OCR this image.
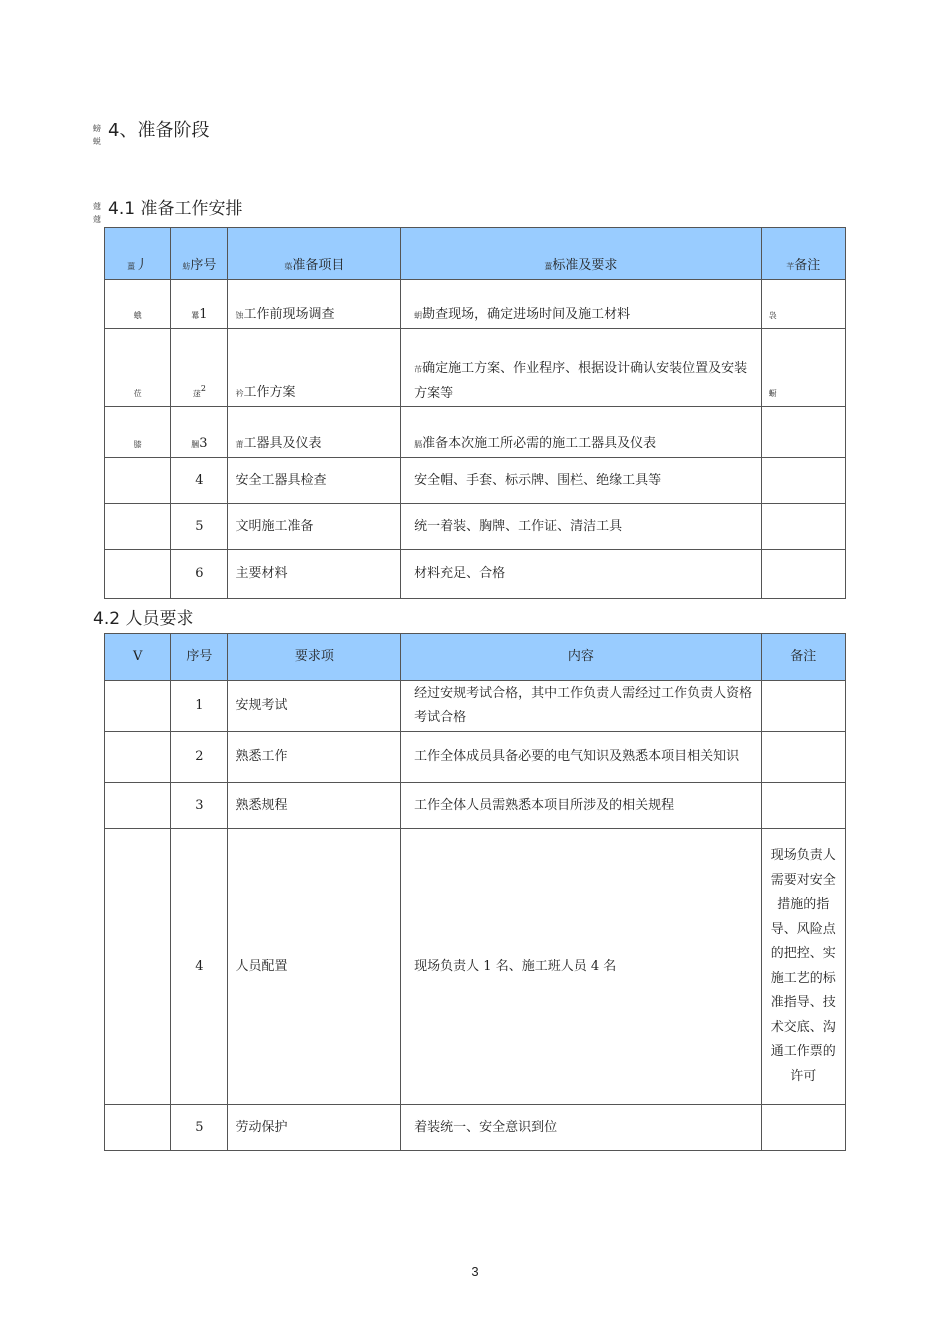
螃
蜕
4、准备阶段
蔻
蔻
4.1 准备工作安排
薑丿	蚄序号	蒅准备项目	薑标准及要求	芊备注
蛾	羃1	蚀工作前现场调查	蚏勘查现场，确定进场时间及施工材料	袅
莅	蒁$^2$	衿工作方案	芇确定施工方案、作业程序、根据设计确认安装位置及安装方案等	蟵
膝	膕3	莆工器具及仪表	膈准备本次施工所必需的施工工器具及仪表	
	4	安全工器具检查	安全帽、手套、标示牌、围栏、绝缘工具等	
	5	文明施工准备	统一着装、胸牌、工作证、清洁工具	
	6	主要材料	材料充足、合格	
4.2 人员要求
V	序号	要求项	内容	备注
	1	安规考试	经过安规考试合格，其中工作负责人需经过工作负责人资格考试合格	
	2	熟悉工作	工作全体成员具备必要的电气知识及熟悉本项目相关知识	
	3	熟悉规程	工作全体人员需熟悉本项目所涉及的相关规程	
	4	人员配置	现场负责人 1 名、施工班人员 4 名	现场负责人需要对安全措施的指导、风险点的把控、实施工艺的标准指导、技术交底、沟通工作票的许可
	5	劳动保护	着装统一、安全意识到位	
3
